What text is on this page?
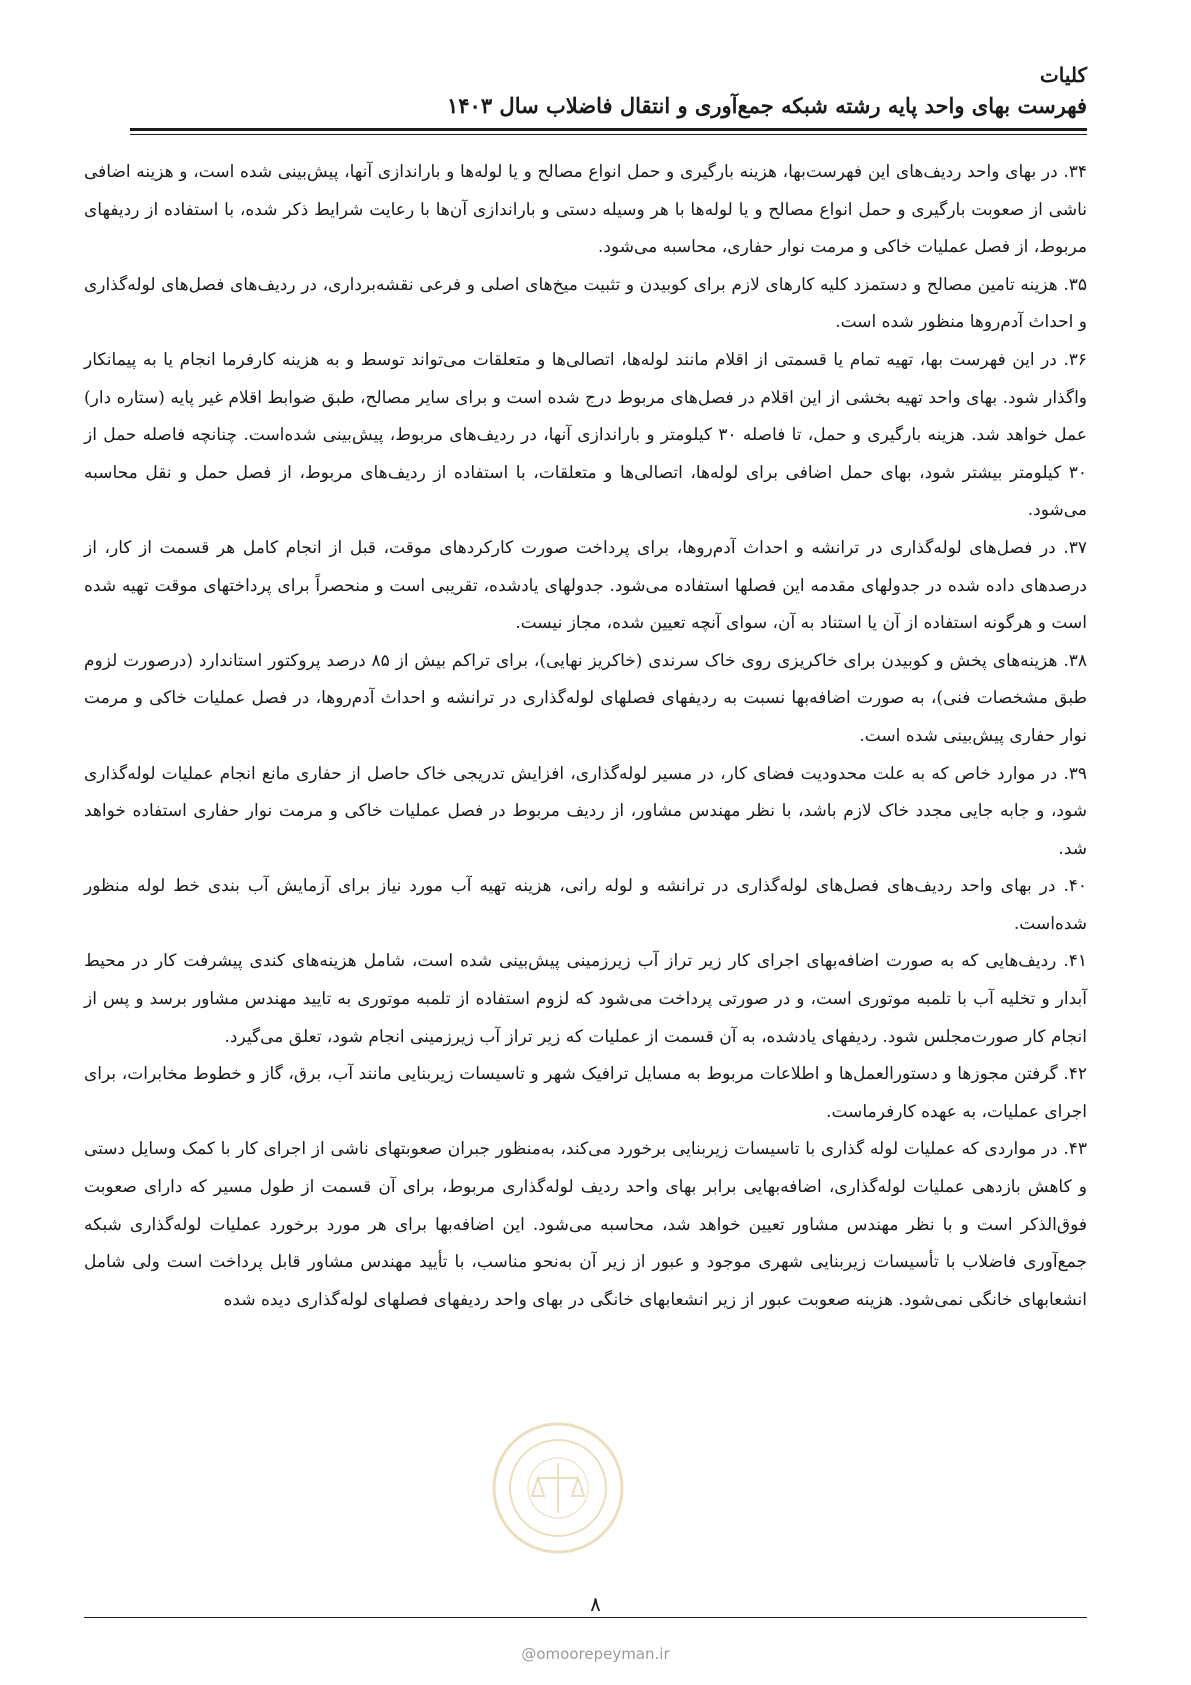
کلیات
فهرست بهای واحد پایه رشته شبکه جمع‌آوری و انتقال فاضلاب سال ۱۴۰۳

۳۴. در بهای واحد ردیف‌های این فهرست‌بها، هزینه بارگیری و حمل انواع مصالح و یا لوله‌ها و باراندازی آنها، پیش‌بینی شده است، و هزینه اضافی ناشی از صعوبت بارگیری و حمل انواع مصالح و یا لوله‌ها با هر وسیله دستی و باراندازی آن‌ها با رعایت شرایط ذکر شده، با استفاده از ردیفهای مربوط، از فصل عملیات خاکی و مرمت نوار حفاری، محاسبه می‌شود.

۳۵. هزینه تامین مصالح و دستمزد کلیه کارهای لازم برای کوبیدن و تثبیت میخ‌های اصلی و فرعی نقشه‌برداری، در ردیف‌های فصل‌های لوله‌گذاری و احداث آدم‌روها منظور شده است.

۳۶. در این فهرست بها، تهیه تمام یا قسمتی از اقلام مانند لوله‌ها، اتصالی‌ها و متعلقات می‌تواند توسط و به هزینه کارفرما انجام یا به پیمانکار واگذار شود. بهای واحد تهیه بخشی از این اقلام در فصل‌های مربوط درج شده است و برای سایر مصالح، طبق ضوابط اقلام غیر پایه (ستاره دار) عمل خواهد شد. هزینه بارگیری و حمل، تا فاصله ۳۰ کیلومتر و باراندازی آنها، در ردیف‌های مربوط، پیش‌بینی شده‌است. چنانچه فاصله حمل از ۳۰ کیلومتر بیشتر شود، بهای حمل اضافی برای لوله‌ها، اتصالی‌ها و متعلقات، با استفاده از ردیف‌های مربوط، از فصل حمل و نقل محاسبه می‌شود.

۳۷. در فصل‌های لوله‌گذاری در ترانشه و احداث آدم‌روها، برای پرداخت صورت کارکردهای موقت، قبل از انجام کامل هر قسمت از کار، از درصدهای داده شده در جدولهای مقدمه این فصلها استفاده می‌شود. جدولهای یادشده، تقریبی است و منحصراً برای پرداختهای موقت تهیه شده است و هرگونه استفاده از آن یا استناد به آن، سوای آنچه تعیین شده، مجاز نیست.

۳۸. هزینه‌های پخش و کوبیدن برای خاکریزی روی خاک سرندی (خاکریز نهایی)، برای تراکم بیش از ۸۵ درصد پروکتور استاندارد (درصورت لزوم طبق مشخصات فنی)، به صورت اضافه‌بها نسبت به ردیفهای فصلهای لوله‌گذاری در ترانشه و احداث آدم‌روها، در فصل عملیات خاکی و مرمت نوار حفاری پیش‌بینی شده است.

۳۹. در موارد خاص که به علت محدودیت فضای کار، در مسیر لوله‌گذاری، افزایش تدریجی خاک حاصل از حفاری مانع انجام عملیات لوله‌گذاری شود، و جابه جایی مجدد خاک لازم باشد، با نظر مهندس مشاور، از ردیف مربوط در فصل عملیات خاکی و مرمت نوار حفاری استفاده خواهد شد.

۴۰. در بهای واحد ردیف‌های فصل‌های لوله‌گذاری در ترانشه و لوله رانی، هزینه تهیه آب مورد نیاز برای آزمایش آب بندی خط لوله منظور شده‌است.

۴۱. ردیف‌هایی که به صورت اضافه‌بهای اجرای کار زیر تراز آب زیرزمینی پیش‌بینی شده است، شامل هزینه‌های کندی پیشرفت کار در محیط آبدار و تخلیه آب با تلمبه موتوری است، و در صورتی پرداخت می‌شود که لزوم استفاده از تلمبه موتوری به تایید مهندس مشاور برسد و پس از انجام کار صورت‌مجلس شود. ردیفهای یادشده، به آن قسمت از عملیات که زیر تراز آب زیرزمینی انجام شود، تعلق می‌گیرد.

۴۲. گرفتن مجوزها و دستورالعمل‌ها و اطلاعات مربوط به مسایل ترافیک شهر و تاسیسات زیربنایی مانند آب، برق، گاز و خطوط مخابرات، برای اجرای عملیات، به عهده کارفرماست.

۴۳. در مواردی که عملیات لوله گذاری با تاسیسات زیربنایی برخورد می‌کند، به‌منظور جبران صعوبتهای ناشی از اجرای کار با کمک وسایل دستی و کاهش بازدهی عملیات لوله‌گذاری، اضافه‌بهایی برابر بهای واحد ردیف لوله‌گذاری مربوط، برای آن قسمت از طول مسیر که دارای صعوبت فوق‌الذکر است و با نظر مهندس مشاور تعیین خواهد شد، محاسبه می‌شود. این اضافه‌بها برای هر مورد برخورد عملیات لوله‌گذاری شبکه جمع‌آوری فاضلاب با تأسیسات زیربنایی شهری موجود و عبور از زیر آن به‌نحو مناسب، با تأیید مهندس مشاور قابل پرداخت است ولی شامل انشعابهای خانگی نمی‌شود. هزینه صعوبت عبور از زیر انشعابهای خانگی در بهای واحد ردیفهای فصلهای لوله‌گذاری دیده شده

۸
@omoorepeyman.ir
